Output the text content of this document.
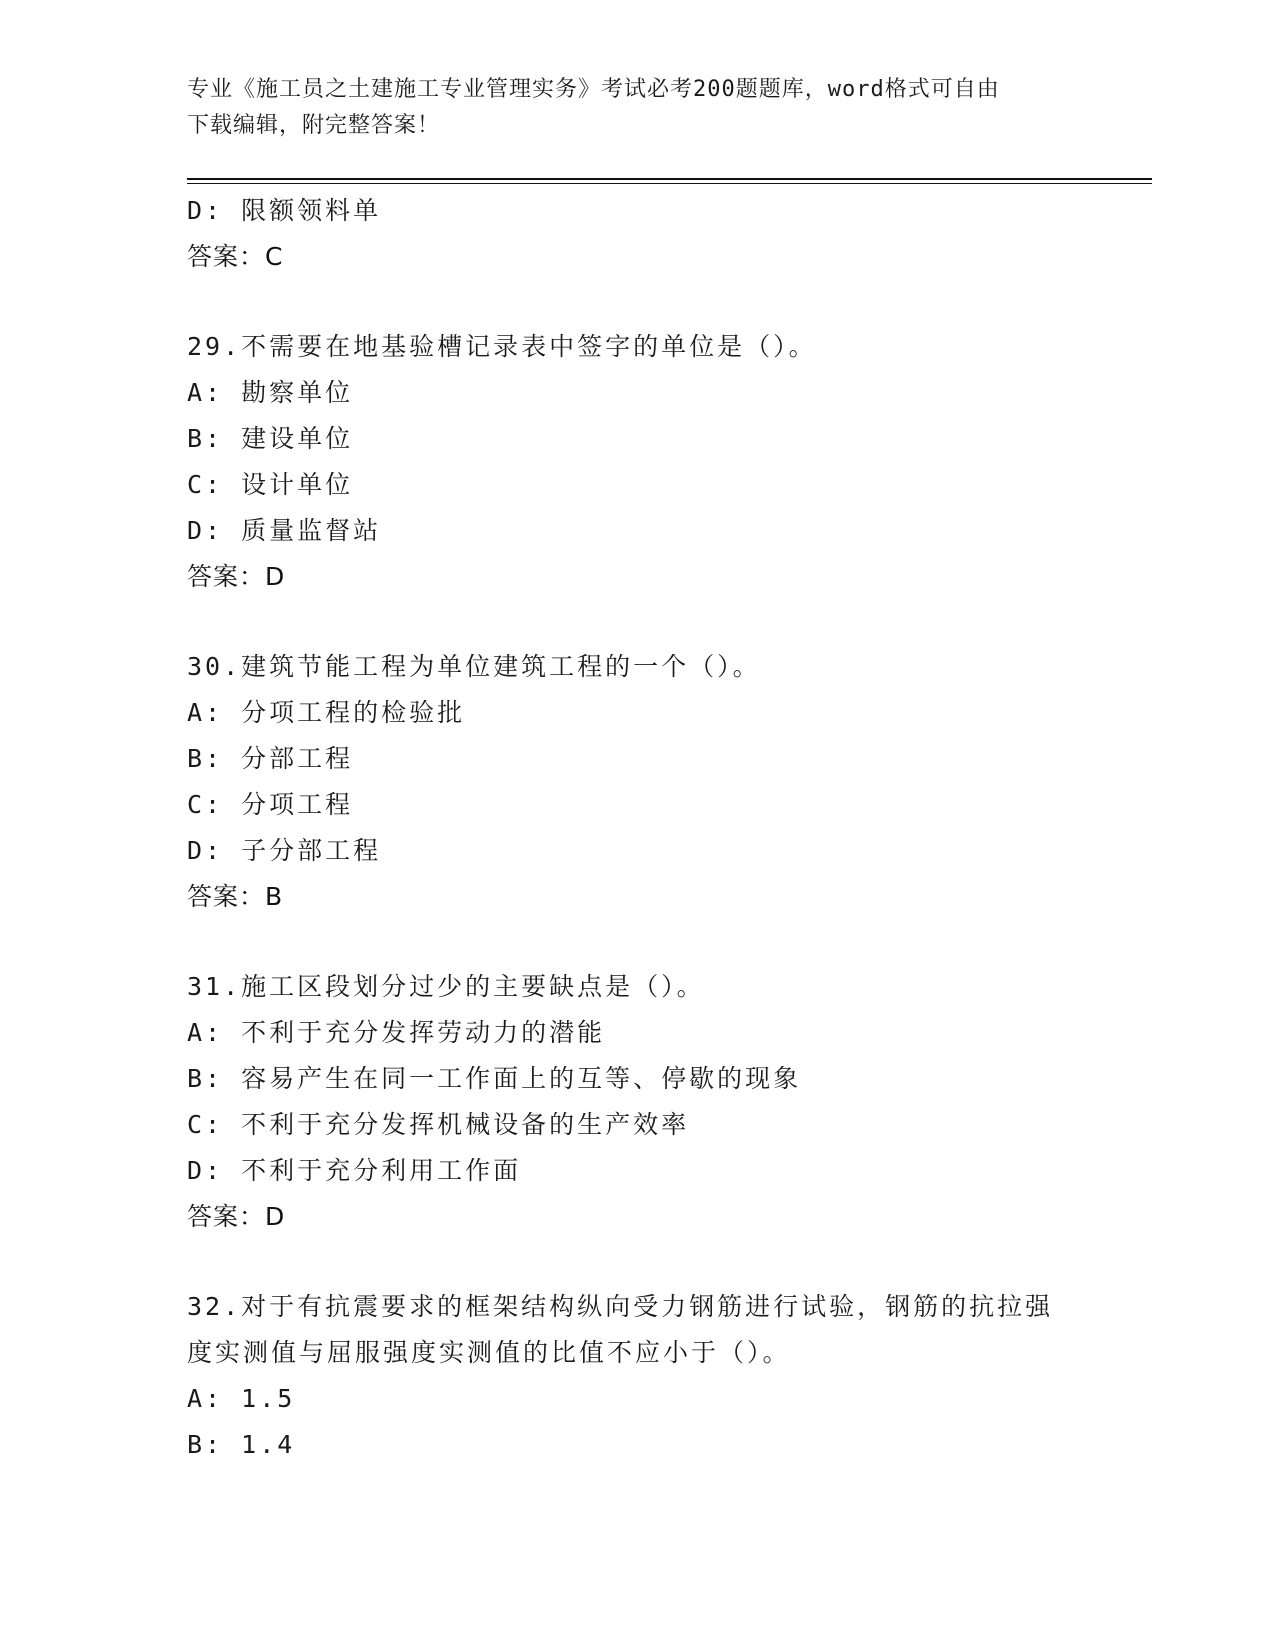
专业《施工员之土建施工专业管理实务》考试必考200题题库，word格式可自由
下载编辑，附完整答案！
D: 限额领料单
答案：C
29.不需要在地基验槽记录表中签字的单位是（）。
A: 勘察单位
B: 建设单位
C: 设计单位
D: 质量监督站
答案：D
30.建筑节能工程为单位建筑工程的一个（）。
A: 分项工程的检验批
B: 分部工程
C: 分项工程
D: 子分部工程
答案：B
31.施工区段划分过少的主要缺点是（）。
A: 不利于充分发挥劳动力的潜能
B: 容易产生在同一工作面上的互等、停歇的现象
C: 不利于充分发挥机械设备的生产效率
D: 不利于充分利用工作面
答案：D
32.对于有抗震要求的框架结构纵向受力钢筋进行试验，钢筋的抗拉强
度实测值与屈服强度实测值的比值不应小于（）。
A: 1.5
B: 1.4
